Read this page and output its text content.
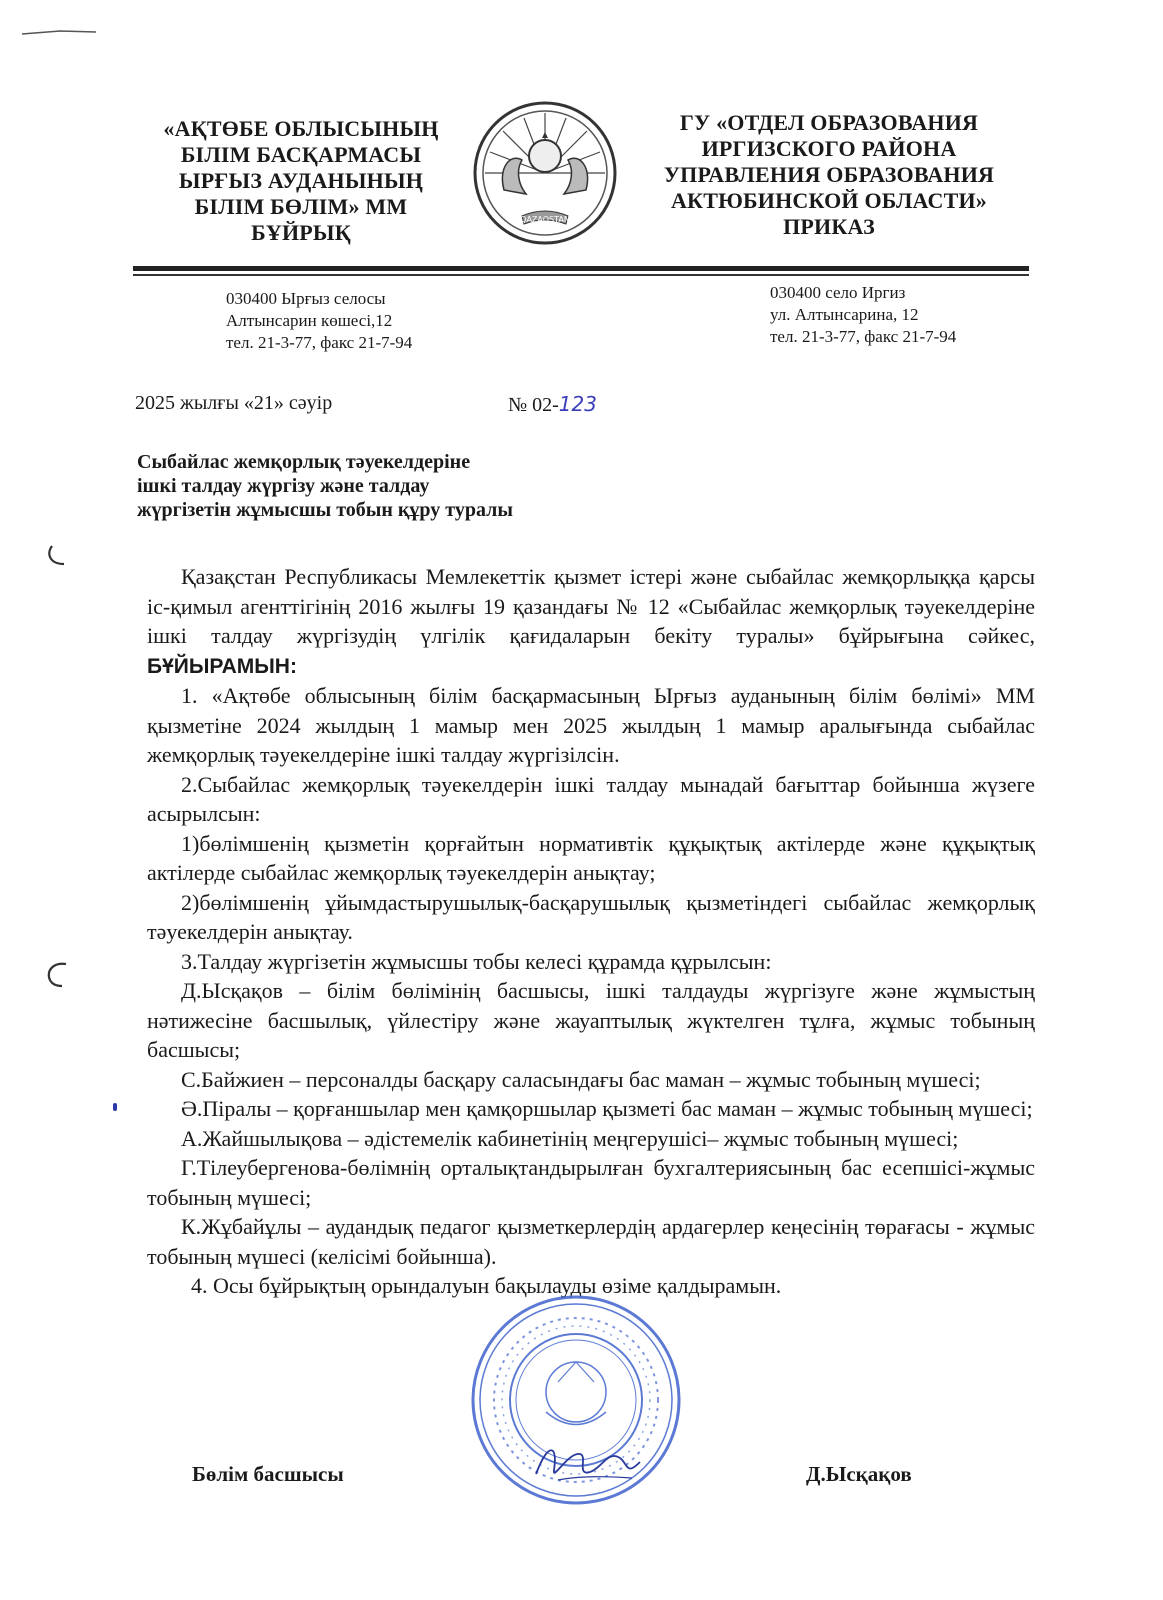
«АҚТӨБЕ ОБЛЫСЫНЫҢ
БІЛІМ БАСҚАРМАСЫ
ЫРҒЫЗ АУДАНЫНЫҢ
БІЛІМ БӨЛІМ» ММ
БҰЙРЫҚ
QAZAQSTAN
ГУ «ОТДЕЛ ОБРАЗОВАНИЯ
ИРГИЗСКОГО РАЙОНА
УПРАВЛЕНИЯ ОБРАЗОВАНИЯ
АКТЮБИНСКОЙ ОБЛАСТИ»
ПРИКАЗ
030400 Ырғыз селосы
Алтынсарин көшесі,12
тел. 21-3-77, факс 21-7-94
030400 село Иргиз
ул. Алтынсарина, 12
тел. 21-3-77, факс 21-7-94
2025 жылғы «21» сәуір	№ 02-123
Сыбайлас жемқорлық тәуекелдеріне
ішкі талдау жүргізу және талдау
жүргізетін жұмысшы тобын құру туралы

Қазақстан Республикасы Мемлекеттік қызмет істері және сыбайлас жемқорлыққа қарсы іс-қимыл агенттігінің 2016 жылғы 19 қазандағы № 12 «Сыбайлас жемқорлық тәуекелдеріне ішкі талдау жүргізудің үлгілік қағидаларын бекіту туралы» бұйрығына сәйкес, БҰЙЫРАМЫН:

1. «Ақтөбе облысының білім басқармасының Ырғыз ауданының білім бөлімі» ММ қызметіне 2024 жылдың 1 мамыр мен 2025 жылдың 1 мамыр аралығында сыбайлас жемқорлық тәуекелдеріне ішкі талдау жүргізілсін.

2.Сыбайлас жемқорлық тәуекелдерін ішкі талдау мынадай бағыттар бойынша жүзеге асырылсын:

1)бөлімшенің қызметін қорғайтын нормативтік құқықтық актілерде және құқықтық актілерде сыбайлас жемқорлық тәуекелдерін анықтау;

2)бөлімшенің ұйымдастырушылық-басқарушылық қызметіндегі сыбайлас жемқорлық тәуекелдерін анықтау.

3.Талдау жүргізетін жұмысшы тобы келесі құрамда құрылсын:

Д.Ысқақов – білім бөлімінің басшысы, ішкі талдауды жүргізуге және жұмыстың нәтижесіне басшылық, үйлестіру және жауаптылық жүктелген тұлға, жұмыс тобының басшысы;

С.Байжиен – персоналды басқару саласындағы бас маман – жұмыс тобының мүшесі;

Ә.Піралы – қорғаншылар мен қамқоршылар қызметі бас маман – жұмыс тобының мүшесі;

А.Жайшылықова – әдістемелік кабинетінің меңгерушісі– жұмыс тобының мүшесі;

Г.Тілеубергенова-бөлімнің орталықтандырылған бухгалтериясының бас есепшісі-жұмыс тобының мүшесі;

К.Жұбайұлы – аудандық педагог қызметкерлердің ардагерлер кеңесінің төрағасы - жұмыс тобының мүшесі (келісімі бойынша).

4. Осы бұйрықтың орындалуын бақылауды өзіме қалдырамын.

Бөлім басшысы	Д.Ысқақов
